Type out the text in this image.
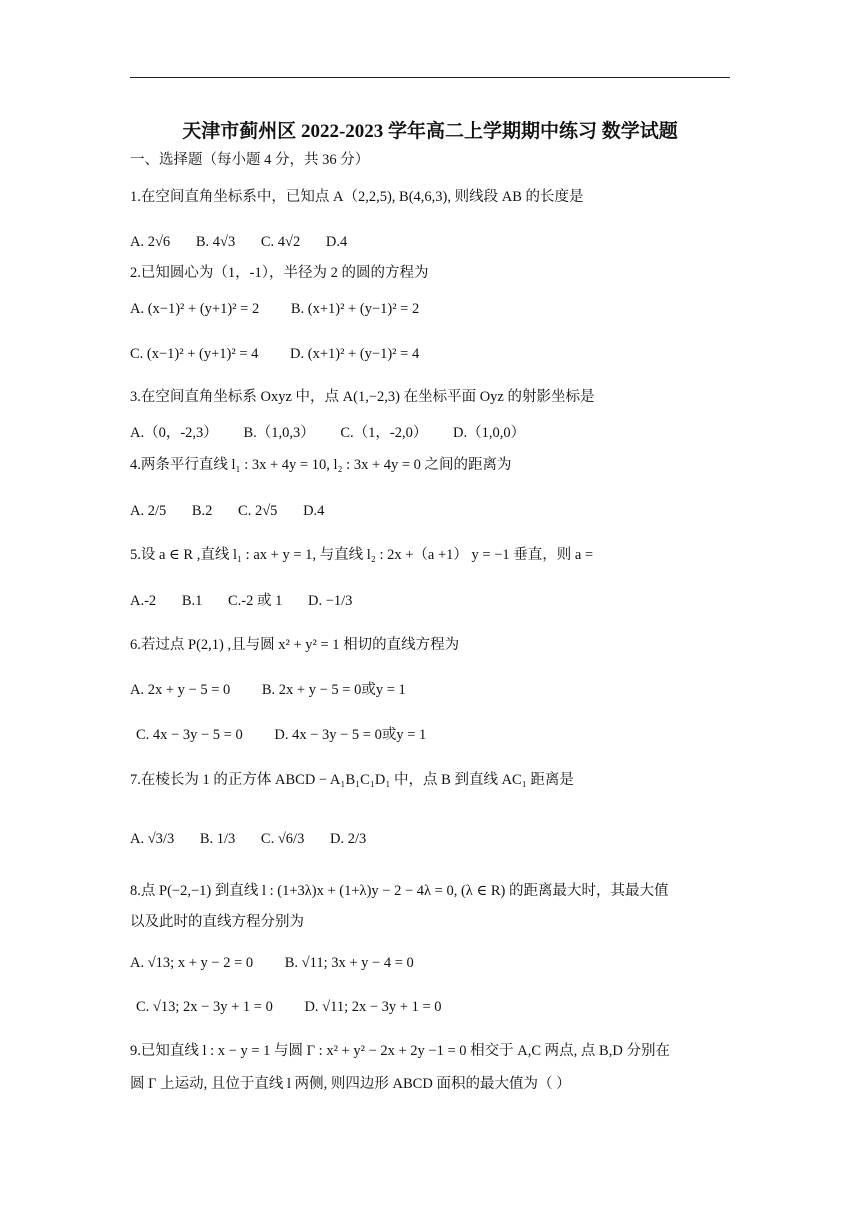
天津市蓟州区 2022-2023 学年高二上学期期中练习 数学试题
一、选择题（每小题 4 分，共 36 分）
1.在空间直角坐标系中，已知点 A（2,2,5), B(4,6,3), 则线段 AB 的长度是
A. 2√6 B. 4√3 C. 4√2 D.4
2.已知圆心为（1，-1），半径为 2 的圆的方程为
A. (x−1)² + (y+1)² = 2 B. (x+1)² + (y−1)² = 2
C. (x−1)² + (y+1)² = 4 D. (x+1)² + (y−1)² = 4
3.在空间直角坐标系 Oxyz 中，点 A(1,−2,3) 在坐标平面 Oyz 的射影坐标是
A.（0，-2,3） B.（1,0,3） C.（1，-2,0） D.（1,0,0）
4.两条平行直线 l₁ : 3x + 4y = 10, l₂ : 3x + 4y = 0 之间的距离为
A. 2/5 B.2 C. 2√5 D.4
5.设 a ∈ R ,直线 l₁ : ax + y = 1, 与直线 l₂ : 2x +（a +1） y = −1 垂直，则 a =
A.-2 B.1 C.-2 或 1 D. −1/3
6.若过点 P(2,1) ,且与圆 x² + y² = 1 相切的直线方程为
A. 2x + y − 5 = 0 B. 2x + y − 5 = 0或y = 1
C. 4x − 3y − 5 = 0 D. 4x − 3y − 5 = 0或y = 1
7.在棱长为 1 的正方体 ABCD − A₁B₁C₁D₁ 中，点 B 到直线 AC₁ 距离是
A. √3/3 B. 1/3 C. √6/3 D. 2/3
8.点 P(−2,−1) 到直线 l : (1+3λ)x + (1+λ)y − 2 − 4λ = 0, (λ ∈ R) 的距离最大时，其最大值
以及此时的直线方程分别为
A. √13; x + y − 2 = 0 B. √11; 3x + y − 4 = 0
C. √13; 2x − 3y + 1 = 0 D. √11; 2x − 3y + 1 = 0
9.已知直线 l : x − y = 1 与圆 Γ : x² + y² − 2x + 2y −1 = 0 相交于 A,C 两点, 点 B,D 分别在
圆 Γ 上运动, 且位于直线 l 两侧, 则四边形 ABCD 面积的最大值为（ ）
